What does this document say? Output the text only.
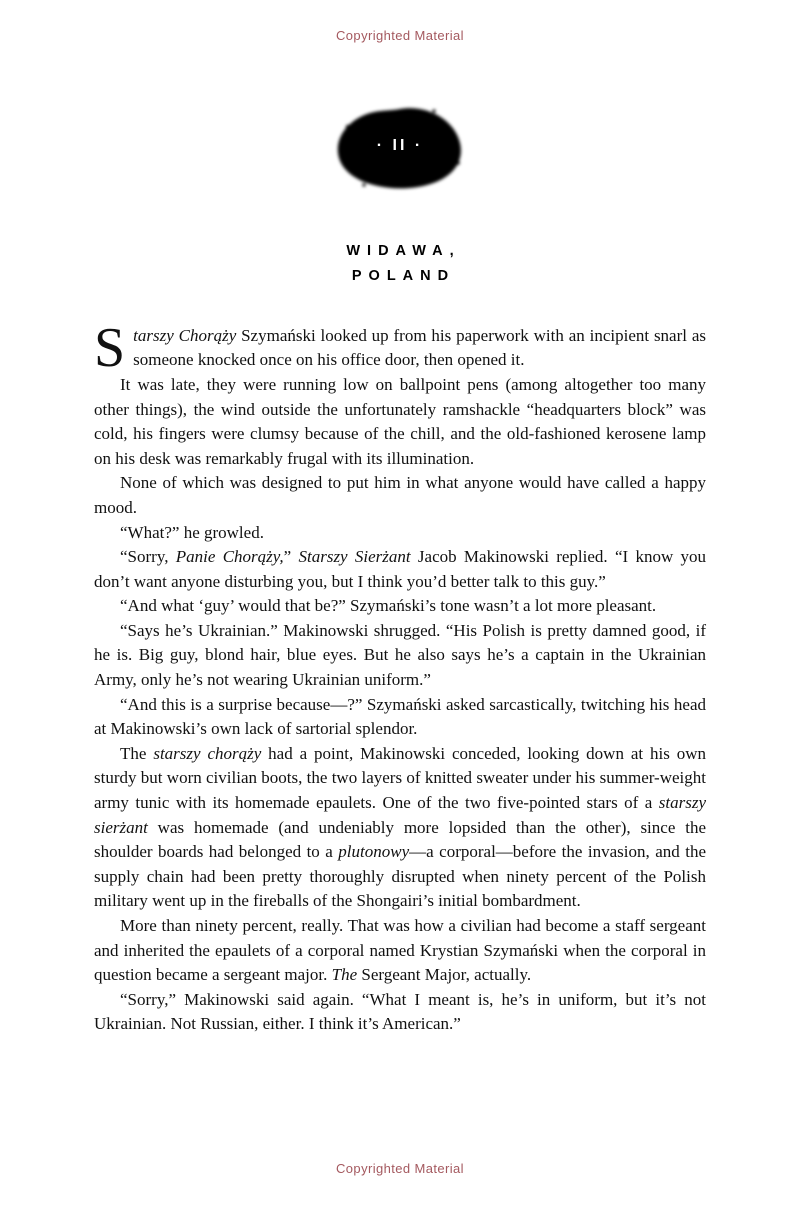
Copyrighted Material
· II ·
WIDAWA,
POLAND

Starszy Chorąży Szymański looked up from his paperwork with an incipient snarl as someone knocked once on his office door, then opened it.

It was late, they were running low on ballpoint pens (among altogether too many other things), the wind outside the unfortunately ramshackle “headquarters block” was cold, his fingers were clumsy because of the chill, and the old-fashioned kerosene lamp on his desk was remarkably frugal with its illumination.

None of which was designed to put him in what anyone would have called a happy mood.

“What?” he growled.

“Sorry, Panie Chorąży,” Starszy Sierżant Jacob Makinowski replied. “I know you don’t want anyone disturbing you, but I think you’d better talk to this guy.”

“And what ‘guy’ would that be?” Szymański’s tone wasn’t a lot more pleasant.

“Says he’s Ukrainian.” Makinowski shrugged. “His Polish is pretty damned good, if he is. Big guy, blond hair, blue eyes. But he also says he’s a captain in the Ukrainian Army, only he’s not wearing Ukrainian uniform.”

“And this is a surprise because—?” Szymański asked sarcastically, twitching his head at Makinowski’s own lack of sartorial splendor.

The starszy chorąży had a point, Makinowski conceded, looking down at his own sturdy but worn civilian boots, the two layers of knitted sweater under his summer-weight army tunic with its homemade epaulets. One of the two five-pointed stars of a starszy sierżant was homemade (and undeniably more lopsided than the other), since the shoulder boards had belonged to a plutonowy—a corporal—before the invasion, and the supply chain had been pretty thoroughly disrupted when ninety percent of the Polish military went up in the fireballs of the Shongairi’s initial bombardment.

More than ninety percent, really. That was how a civilian had become a staff sergeant and inherited the epaulets of a corporal named Krystian Szymański when the corporal in question became a sergeant major. The Sergeant Major, actually.

“Sorry,” Makinowski said again. “What I meant is, he’s in uniform, but it’s not Ukrainian. Not Russian, either. I think it’s American.”

Copyrighted Material
